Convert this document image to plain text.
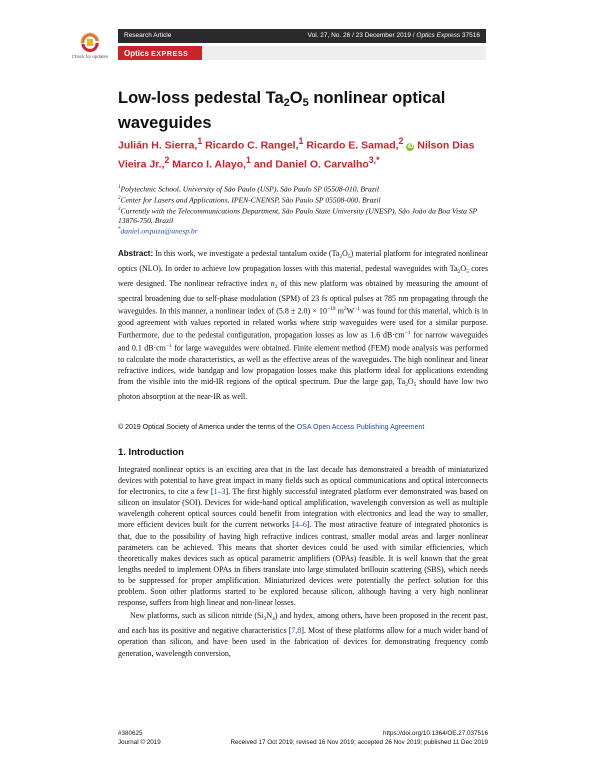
Research Article	Vol. 27, No. 26 / 23 December 2019 / Optics Express 37516
Check for updates	Optics EXPRESS
Low-loss pedestal $Ta_2O_5$ nonlinear optical waveguides
Julián H. Sierra,$^1$ Ricardo C. Rangel,$^1$ Ricardo E. Samad,$^2$ iD Nilson Dias Vieira Jr.,$^2$ Marco I. Alayo,$^1$ and Daniel O. Carvalho$^{3,*}$
$^1$Polytechnic School, University of São Paulo (USP), São Paulo SP 05508-010, Brazil
$^2$Center for Lasers and Applications, IPEN-CNENSP, São Paulo SP 05508-000, Brazil
$^3$Currently with the Telecommunications Department, São Paulo State University (UNESP), São João da Boa Vista SP 13876-750, Brazil
*daniel.orquiza@unesp.br
Abstract: In this work, we investigate a pedestal tantalum oxide $(Ta_2O_5)$ material platform for integrated nonlinear optics (NLO). In order to achieve low propagation losses with this material, pedestal waveguides with $Ta_2O_5$ cores were designed. The nonlinear refractive index $n_2$ of this new platform was obtained by measuring the amount of spectral broadening due to self-phase modulation (SPM) of 23 fs optical pulses at 785 nm propagating through the waveguides. In this manner, a nonlinear index of $(5.8 \pm 2.0) \times 10^{-19}$ $m^2W^{-1}$ was found for this material, which is in good agreement with values reported in related works where strip waveguides were used for a similar purpose. Furthermore, due to the pedestal configuration, propagation losses as low as 1.6 $dB\cdot cm^{-1}$ for narrow waveguides and 0.1 $dB\cdot cm^{-1}$ for large waveguides were obtained. Finite element method (FEM) mode analysis was performed to calculate the mode characteristics, as well as the effective areas of the waveguides. The high nonlinear and linear refractive indices, wide bandgap and low propagation losses make this platform ideal for applications extending from the visible into the mid-IR regions of the optical spectrum. Due the large gap, $Ta_2O_5$ should have low two photon absorption at the near-IR as well.
© 2019 Optical Society of America under the terms of the OSA Open Access Publishing Agreement
1. Introduction

Integrated nonlinear optics is an exciting area that in the last decade has demonstrated a breadth of miniaturized devices with potential to have great impact in many fields such as optical communications and optical interconnects for electronics, to cite a few [1–3]. The first highly successful integrated platform ever demonstrated was based on silicon on insulator (SOI). Devices for wide-band optical amplification, wavelength conversion as well as multiple wavelength coherent optical sources could benefit from integration with electronics and lead the way to smaller, more efficient devices built for the current networks [4–6]. The most attractive feature of integrated photonics is that, due to the possibility of having high refractive indices contrast, smaller modal areas and larger nonlinear parameters can be achieved. This means that shorter devices could be used with similar efficiencies, which theoretically makes devices such as optical parametric amplifiers (OPAs) feasible. It is well known that the great lengths needed to implement OPAs in fibers translate into large stimulated brillouin scattering (SBS), which needs to be suppressed for proper amplification. Miniaturized devices were potentially the perfect solution for this problem. Soon other platforms started to be explored because silicon, although having a very high nonlinear response, suffers from high linear and non-linear losses.

New platforms, such as silicon nitride $(Si_3N_4)$ and hydex, among others, have been proposed in the recent past, and each has its positive and negative characteristics [7,8]. Most of these platforms allow for a much wider band of operation than silicon, and have been used in the fabrication of devices for demonstrating frequency comb generation, wavelength conversion,

#380625	https://doi.org/10.1364/OE.27.037516
Journal © 2019	Received 17 Oct 2019; revised 16 Nov 2019; accepted 26 Nov 2019; published 11 Dec 2019
